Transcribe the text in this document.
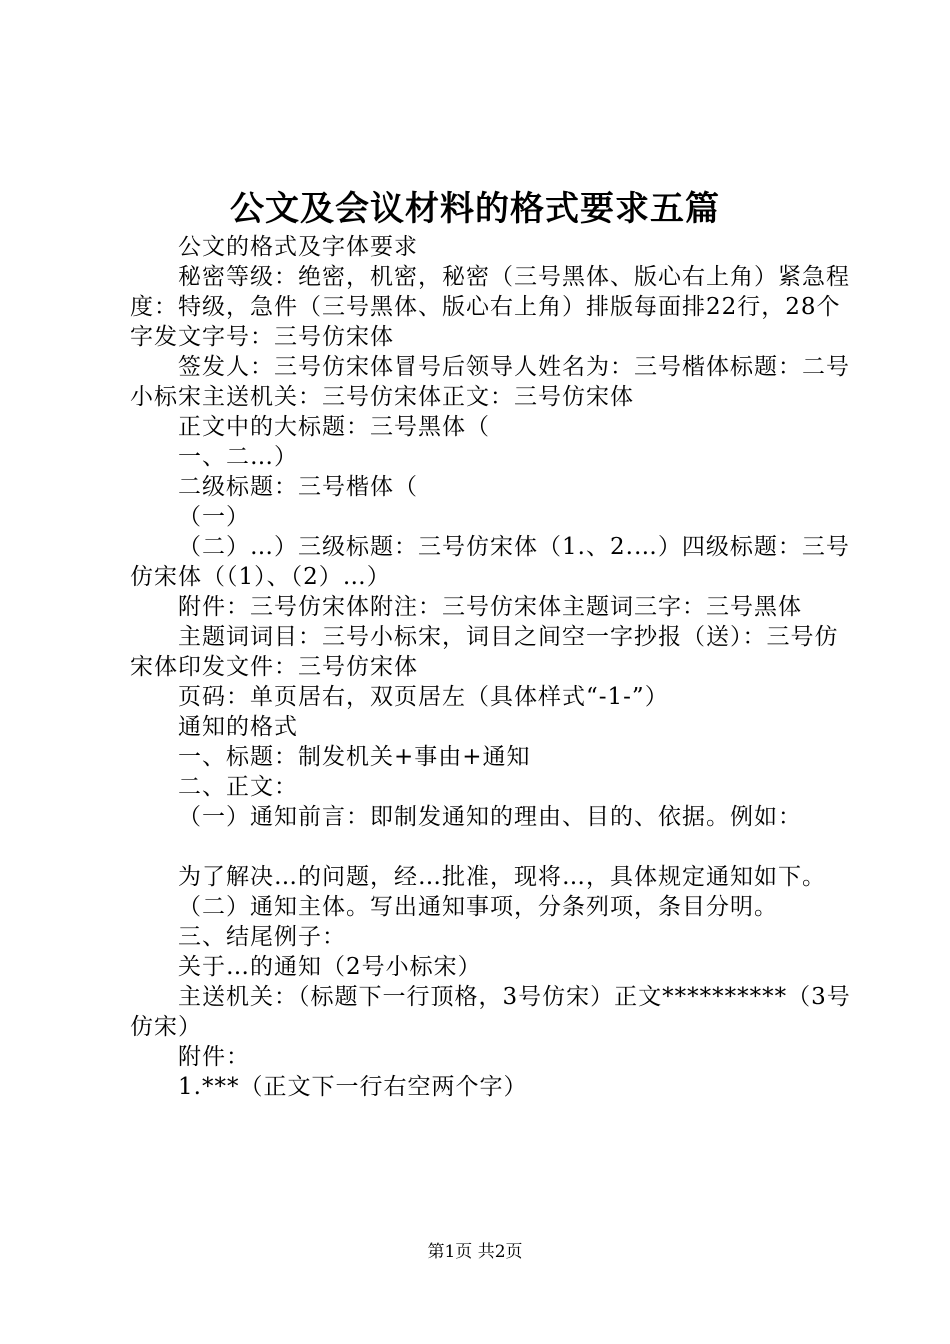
公文及会议材料的格式要求五篇

公文的格式及字体要求

秘密等级：绝密，机密，秘密（三号黑体、版心右上角）紧急程度：特级，急件（三号黑体、版心右上角）排版每面排22行，28个字发文字号：三号仿宋体

签发人：三号仿宋体冒号后领导人姓名为：三号楷体标题：二号小标宋主送机关：三号仿宋体正文：三号仿宋体

正文中的大标题：三号黑体（

一、二…）

二级标题：三号楷体（

（一）

（二）…）三级标题：三号仿宋体（1.、2.…）四级标题：三号仿宋体（（1）、（2）…）

附件：三号仿宋体附注：三号仿宋体主题词三字：三号黑体

主题词词目：三号小标宋，词目之间空一字抄报（送）：三号仿宋体印发文件：三号仿宋体

页码：单页居右，双页居左（具体样式“-1-”）

通知的格式

一、标题：制发机关+事由+通知

二、正文：

（一）通知前言：即制发通知的理由、目的、依据。例如：

为了解决…的问题，经…批准，现将…，具体规定通知如下。

（二）通知主体。写出通知事项，分条列项，条目分明。

三、结尾例子：

关于…的通知（2号小标宋）

主送机关：（标题下一行顶格，3号仿宋）正文**********（3号仿宋）

附件：

1.***（正文下一行右空两个字）

第1页 共2页
